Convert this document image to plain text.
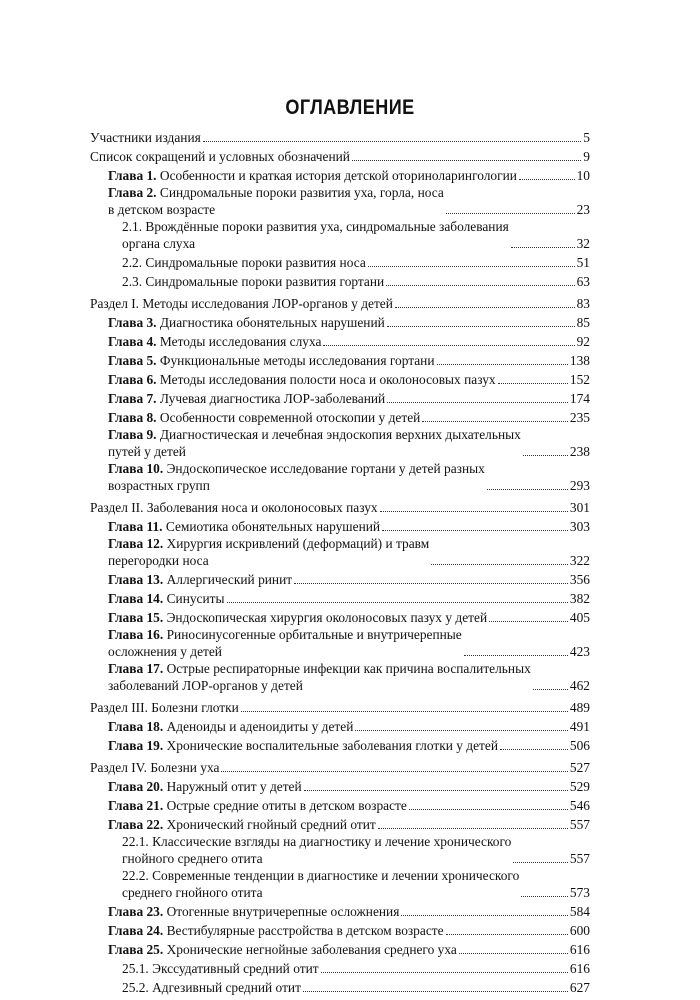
ОГЛАВЛЕНИЕ
Участники издания	5
Список сокращений и условных обозначений	9
Глава 1. Особенности и краткая история детской оториноларингологии	10
Глава 2. Синдромальные пороки развития уха, горла, носа
в детском возрасте	23
2.1. Врождённые пороки развития уха, синдромальные заболевания
органа слуха	32
2.2. Синдромальные пороки развития носа	51
2.3. Синдромальные пороки развития гортани	63
Раздел I. Методы исследования ЛОР-органов у детей	83
Глава 3. Диагностика обонятельных нарушений	85
Глава 4. Методы исследования слуха	92
Глава 5. Функциональные методы исследования гортани	138
Глава 6. Методы исследования полости носа и околоносовых пазух	152
Глава 7. Лучевая диагностика ЛОР-заболеваний	174
Глава 8. Особенности современной отоскопии у детей	235
Глава 9. Диагностическая и лечебная эндоскопия верхних дыхательных
путей у детей	238
Глава 10. Эндоскопическое исследование гортани у детей разных
возрастных групп	293
Раздел II. Заболевания носа и околоносовых пазух	301
Глава 11. Семиотика обонятельных нарушений	303
Глава 12. Хирургия искривлений (деформаций) и травм
перегородки носа	322
Глава 13. Аллергический ринит	356
Глава 14. Синуситы	382
Глава 15. Эндоскопическая хирургия околоносовых пазух у детей	405
Глава 16. Риносинусогенные орбитальные и внутричерепные
осложнения у детей	423
Глава 17. Острые респираторные инфекции как причина воспалительных
заболеваний ЛОР-органов у детей	462
Раздел III. Болезни глотки	489
Глава 18. Аденоиды и аденоидиты у детей	491
Глава 19. Хронические воспалительные заболевания глотки у детей	506
Раздел IV. Болезни уха	527
Глава 20. Наружный отит у детей	529
Глава 21. Острые средние отиты в детском возрасте	546
Глава 22. Хронический гнойный средний отит	557
22.1. Классические взгляды на диагностику и лечение хронического
гнойного среднего отита	557
22.2. Современные тенденции в диагностике и лечении хронического
среднего гнойного отита	573
Глава 23. Отогенные внутричерепные осложнения	584
Глава 24. Вестибулярные расстройства в детском возрасте	600
Глава 25. Хронические негнойные заболевания среднего уха	616
25.1. Экссудативный средний отит	616
25.2. Адгезивный средний отит	627
